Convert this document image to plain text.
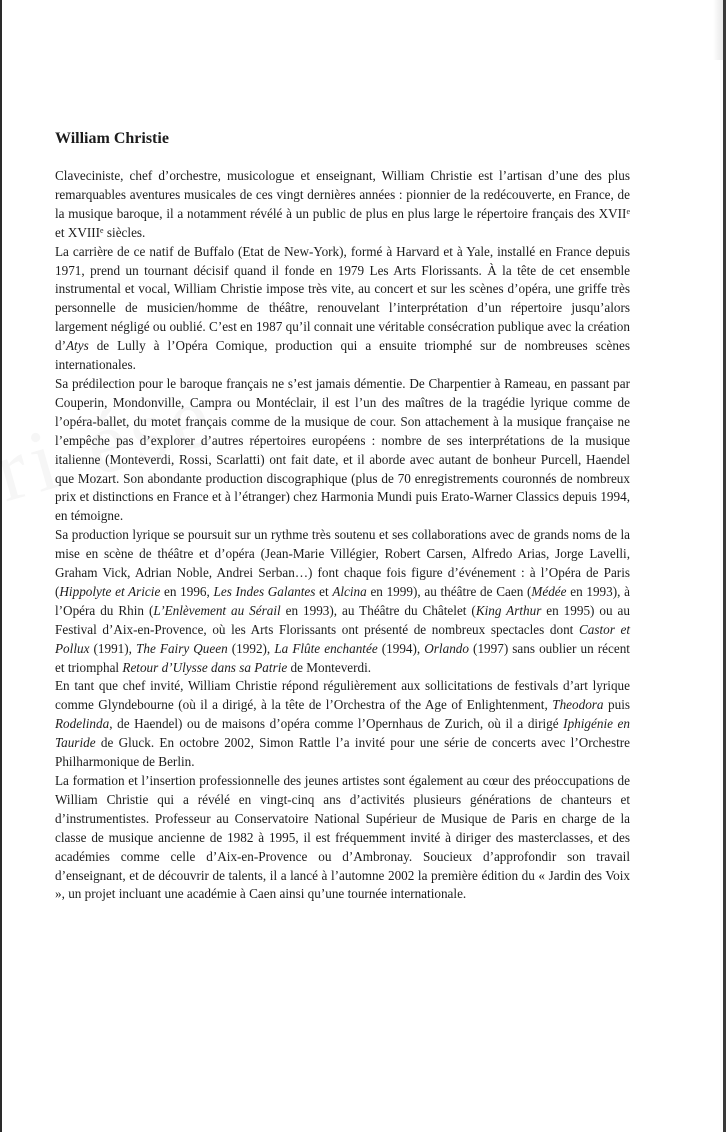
William Christie

Claveciniste, chef d’orchestre, musicologue et enseignant, William Christie est l’artisan d’une des plus remarquables aventures musicales de ces vingt dernières années : pionnier de la redécouverte, en France, de la musique baroque, il a notamment révélé à un public de plus en plus large le répertoire français des XVIIe et XVIIIe siècles.

La carrière de ce natif de Buffalo (Etat de New-York), formé à Harvard et à Yale, installé en France depuis 1971, prend un tournant décisif quand il fonde en 1979 Les Arts Florissants. À la tête de cet ensemble instrumental et vocal, William Christie impose très vite, au concert et sur les scènes d’opéra, une griffe très personnelle de musicien/homme de théâtre, renouvelant l’interprétation d’un répertoire jusqu’alors largement négligé ou oublié. C’est en 1987 qu’il connait une véritable consécration publique avec la création d’Atys de Lully à l’Opéra Comique, production qui a ensuite triomphé sur de nombreuses scènes internationales.

Sa prédilection pour le baroque français ne s’est jamais démentie. De Charpentier à Rameau, en passant par Couperin, Mondonville, Campra ou Montéclair, il est l’un des maîtres de la tragédie lyrique comme de l’opéra-ballet, du motet français comme de la musique de cour. Son attachement à la musique française ne l’empêche pas d’explorer d’autres répertoires européens : nombre de ses interprétations de la musique italienne (Monteverdi, Rossi, Scarlatti) ont fait date, et il aborde avec autant de bonheur Purcell, Haendel que Mozart. Son abondante production discographique (plus de 70 enregistrements couronnés de nombreux prix et distinctions en France et à l’étranger) chez Harmonia Mundi puis Erato-Warner Classics depuis 1994, en témoigne.

Sa production lyrique se poursuit sur un rythme très soutenu et ses collaborations avec de grands noms de la mise en scène de théâtre et d’opéra (Jean-Marie Villégier, Robert Carsen, Alfredo Arias, Jorge Lavelli, Graham Vick, Adrian Noble, Andrei Serban…) font chaque fois figure d’événement : à l’Opéra de Paris (Hippolyte et Aricie en 1996, Les Indes Galantes et Alcina en 1999), au théâtre de Caen (Médée en 1993), à l’Opéra du Rhin (L’Enlèvement au Sérail en 1993), au Théâtre du Châtelet (King Arthur en 1995) ou au Festival d’Aix-en-Provence, où les Arts Florissants ont présenté de nombreux spectacles dont Castor et Pollux (1991), The Fairy Queen (1992), La Flûte enchantée (1994), Orlando (1997) sans oublier un récent et triomphal Retour d’Ulysse dans sa Patrie de Monteverdi.

En tant que chef invité, William Christie répond régulièrement aux sollicitations de festivals d’art lyrique comme Glyndebourne (où il a dirigé, à la tête de l’Orchestra of the Age of Enlightenment, Theodora puis Rodelinda, de Haendel) ou de maisons d’opéra comme l’Opernhaus de Zurich, où il a dirigé Iphigénie en Tauride de Gluck. En octobre 2002, Simon Rattle l’a invité pour une série de concerts avec l’Orchestre Philharmonique de Berlin.

La formation et l’insertion professionnelle des jeunes artistes sont également au cœur des préoccupations de William Christie qui a révélé en vingt-cinq ans d’activités plusieurs générations de chanteurs et d’instrumentistes. Professeur au Conservatoire National Supérieur de Musique de Paris en charge de la classe de musique ancienne de 1982 à 1995, il est fréquemment invité à diriger des masterclasses, et des académies comme celle d’Aix-en-Provence ou d’Ambronay. Soucieux d’approfondir son travail d’enseignant, et de découvrir de talents, il a lancé à l’automne 2002 la première édition du « Jardin des Voix », un projet incluant une académie à Caen ainsi qu’une tournée internationale.
